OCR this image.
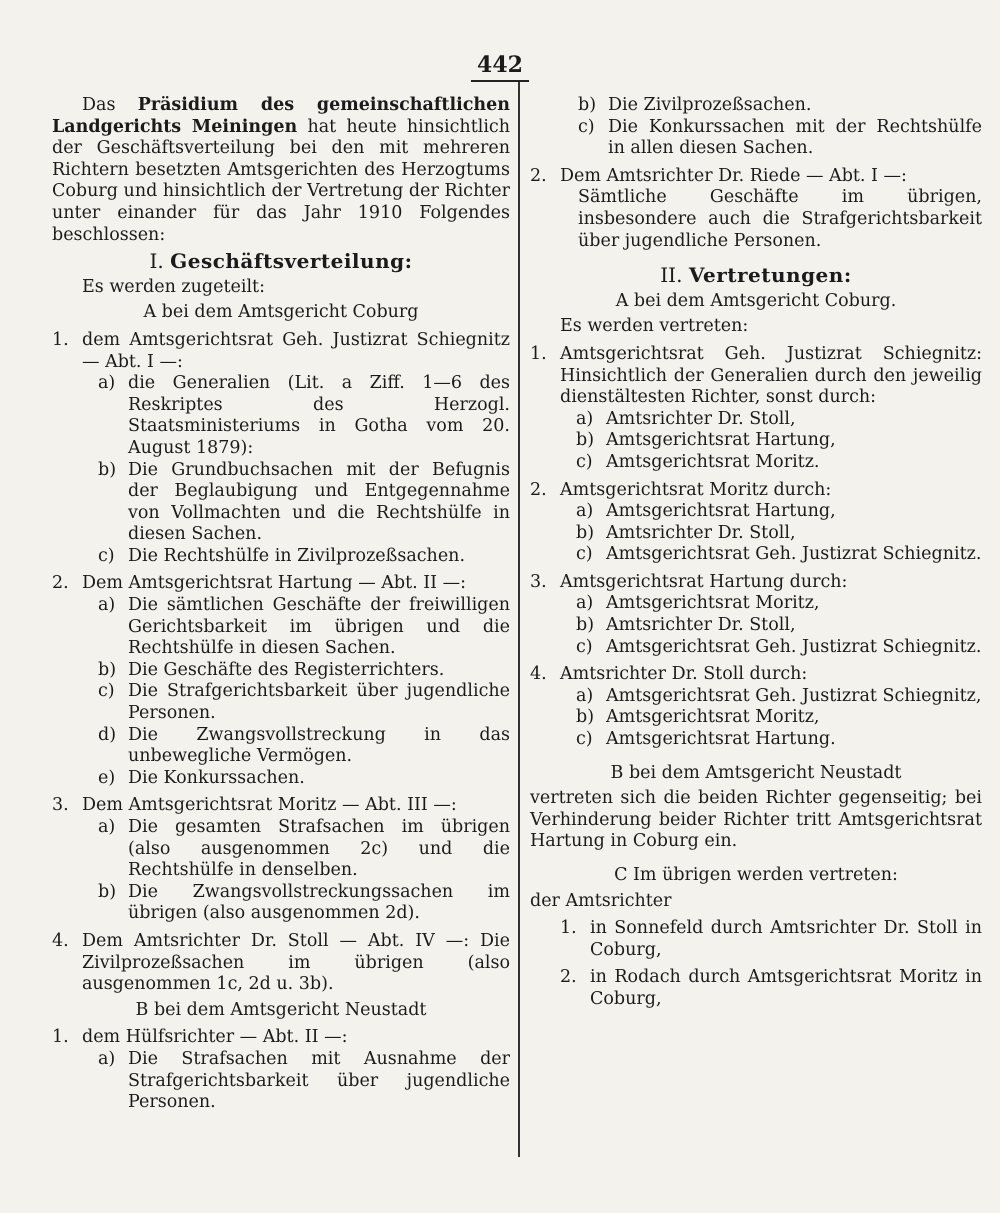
442

Das Präsidium des gemeinschaftlichen Landgerichts Meiningen hat heute hinsichtlich der Geschäftsverteilung bei den mit mehreren Richtern besetzten Amtsgerichten des Herzogtums Coburg und hinsichtlich der Vertretung der Richter unter einander für das Jahr 1910 Folgendes beschlossen:

I. Geschäftsverteilung:

Es werden zugeteilt:

A bei dem Amtsgericht Coburg

1. dem Amtsgerichtsrat Geh. Justizrat Schiegnitz — Abt. I —:
a) die Generalien (Lit. a Ziff. 1—6 des Reskriptes des Herzogl. Staatsministeriums in Gotha vom 20. August 1879):
b) Die Grundbuchsachen mit der Befugnis der Beglaubigung und Entgegennahme von Vollmachten und die Rechtshülfe in diesen Sachen.
c) Die Rechtshülfe in Zivilprozeßsachen.
2. Dem Amtsgerichtsrat Hartung — Abt. II —:
a) Die sämtlichen Geschäfte der freiwilligen Gerichtsbarkeit im übrigen und die Rechtshülfe in diesen Sachen.
b) Die Geschäfte des Registerrichters.
c) Die Strafgerichtsbarkeit über jugendliche Personen.
d) Die Zwangsvollstreckung in das unbewegliche Vermögen.
e) Die Konkurssachen.
3. Dem Amtsgerichtsrat Moritz — Abt. III —:
a) Die gesamten Strafsachen im übrigen (also ausgenommen 2c) und die Rechtshülfe in denselben.
b) Die Zwangsvollstreckungssachen im übrigen (also ausgenommen 2d).
4. Dem Amtsrichter Dr. Stoll — Abt. IV —: Die Zivilprozeßsachen im übrigen (also ausgenommen 1c, 2d u. 3b).

B bei dem Amtsgericht Neustadt

1. dem Hülfsrichter — Abt. II —:
a) Die Strafsachen mit Ausnahme der Strafgerichtsbarkeit über jugendliche Personen.
b) Die Zivilprozeßsachen.
c) Die Konkurssachen mit der Rechtshülfe in allen diesen Sachen.
2. Dem Amtsrichter Dr. Riede — Abt. I —:

Sämtliche Geschäfte im übrigen, insbesondere auch die Strafgerichtsbarkeit über jugendliche Personen.

II. Vertretungen:

A bei dem Amtsgericht Coburg.

Es werden vertreten:

1. Amtsgerichtsrat Geh. Justizrat Schiegnitz: Hinsichtlich der Generalien durch den jeweilig dienstältesten Richter, sonst durch:
a) Amtsrichter Dr. Stoll,
b) Amtsgerichtsrat Hartung,
c) Amtsgerichtsrat Moritz.
2. Amtsgerichtsrat Moritz durch:
a) Amtsgerichtsrat Hartung,
b) Amtsrichter Dr. Stoll,
c) Amtsgerichtsrat Geh. Justizrat Schiegnitz.
3. Amtsgerichtsrat Hartung durch:
a) Amtsgerichtsrat Moritz,
b) Amtsrichter Dr. Stoll,
c) Amtsgerichtsrat Geh. Justizrat Schiegnitz.
4. Amtsrichter Dr. Stoll durch:
a) Amtsgerichtsrat Geh. Justizrat Schiegnitz,
b) Amtsgerichtsrat Moritz,
c) Amtsgerichtsrat Hartung.

B bei dem Amtsgericht Neustadt

vertreten sich die beiden Richter gegenseitig; bei Verhinderung beider Richter tritt Amtsgerichtsrat Hartung in Coburg ein.

C Im übrigen werden vertreten:

der Amtsrichter

1. in Sonnefeld durch Amtsrichter Dr. Stoll in Coburg,
2. in Rodach durch Amtsgerichtsrat Moritz in Coburg,
